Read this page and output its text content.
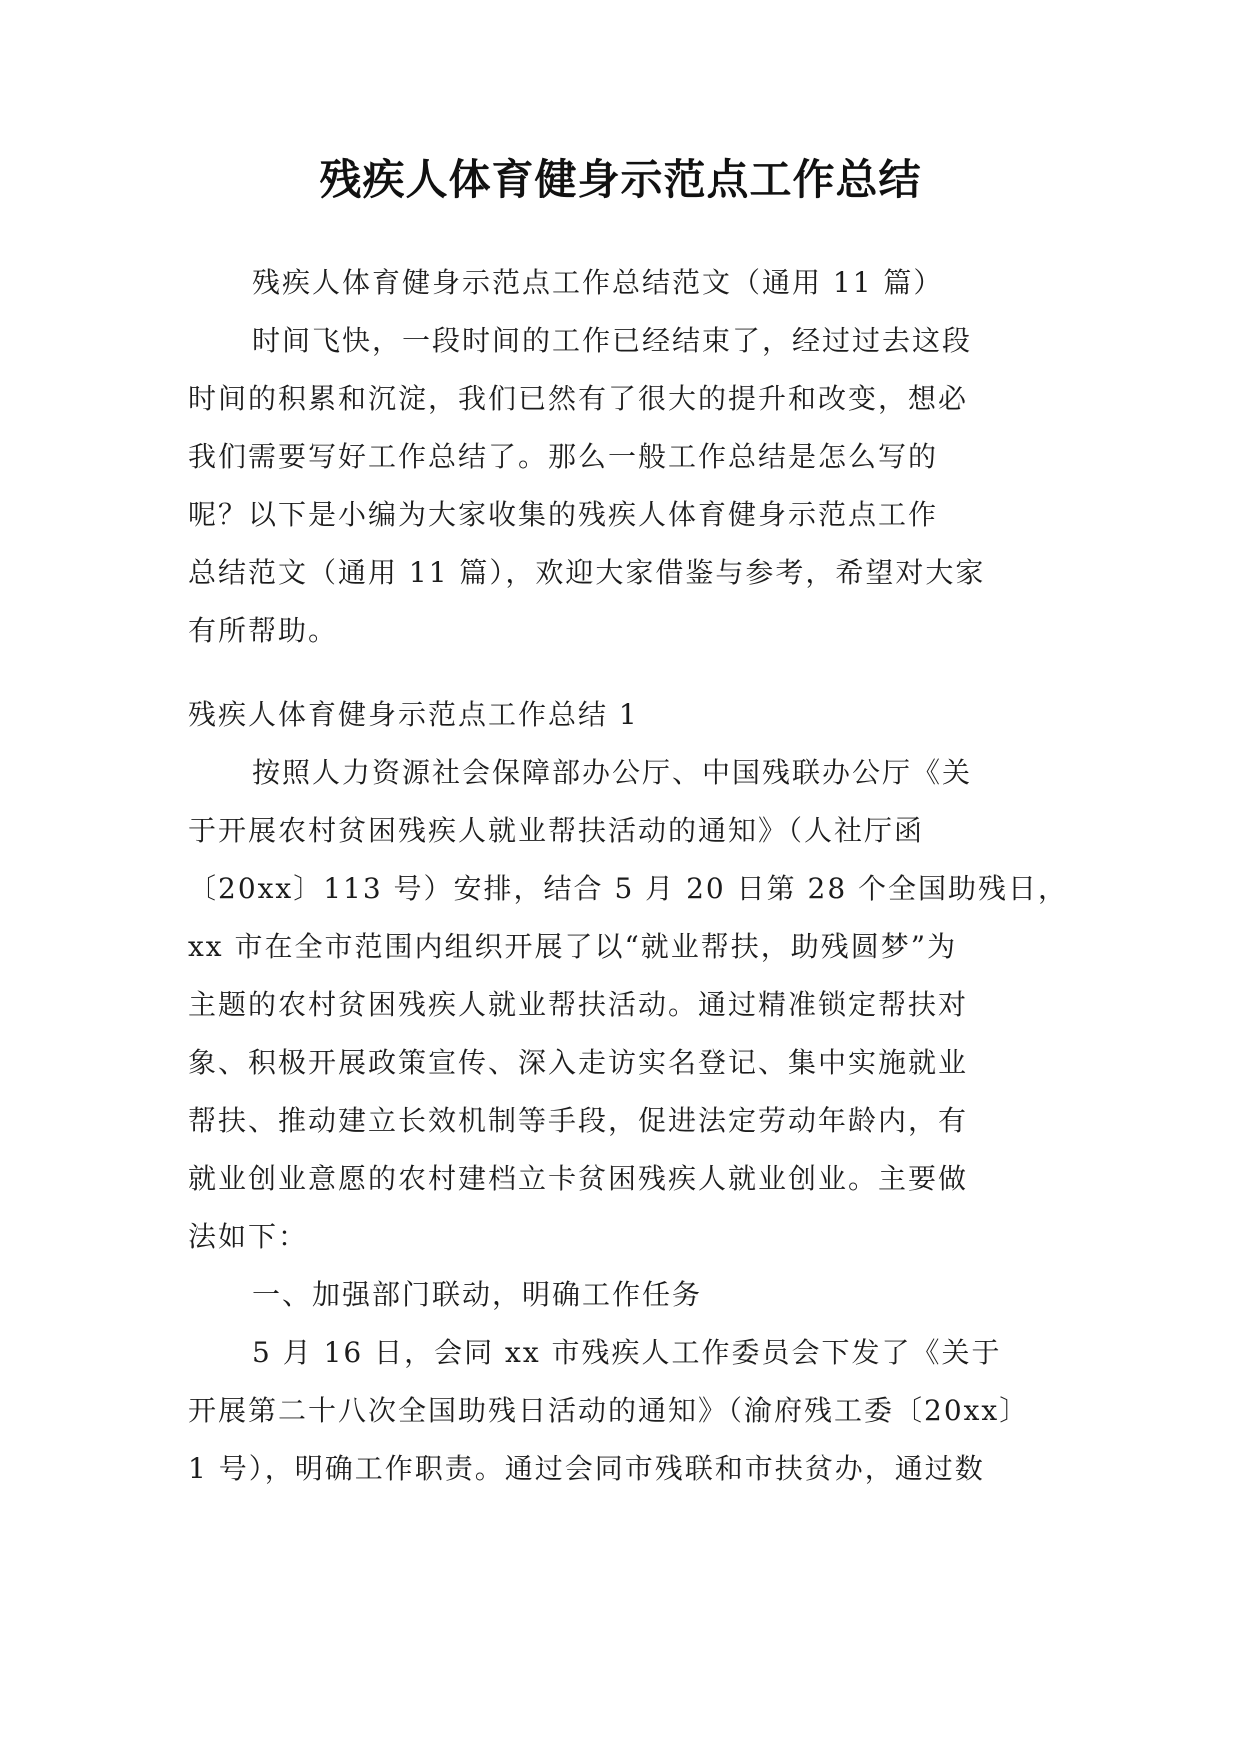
残疾人体育健身示范点工作总结
残疾人体育健身示范点工作总结范文（通用 11 篇）
时间飞快，一段时间的工作已经结束了，经过过去这段
时间的积累和沉淀，我们已然有了很大的提升和改变，想必
我们需要写好工作总结了。那么一般工作总结是怎么写的
呢？以下是小编为大家收集的残疾人体育健身示范点工作
总结范文（通用 11 篇），欢迎大家借鉴与参考，希望对大家
有所帮助。
残疾人体育健身示范点工作总结 1
按照人力资源社会保障部办公厅、中国残联办公厅《关
于开展农村贫困残疾人就业帮扶活动的通知》（人社厅函
〔20xx〕113 号）安排，结合 5 月 20 日第 28 个全国助残日，
xx 市在全市范围内组织开展了以“就业帮扶，助残圆梦”为
主题的农村贫困残疾人就业帮扶活动。通过精准锁定帮扶对
象、积极开展政策宣传、深入走访实名登记、集中实施就业
帮扶、推动建立长效机制等手段，促进法定劳动年龄内，有
就业创业意愿的农村建档立卡贫困残疾人就业创业。主要做
法如下：
一、加强部门联动，明确工作任务
5 月 16 日，会同 xx 市残疾人工作委员会下发了《关于
开展第二十八次全国助残日活动的通知》（渝府残工委〔20xx〕
1 号），明确工作职责。通过会同市残联和市扶贫办，通过数
